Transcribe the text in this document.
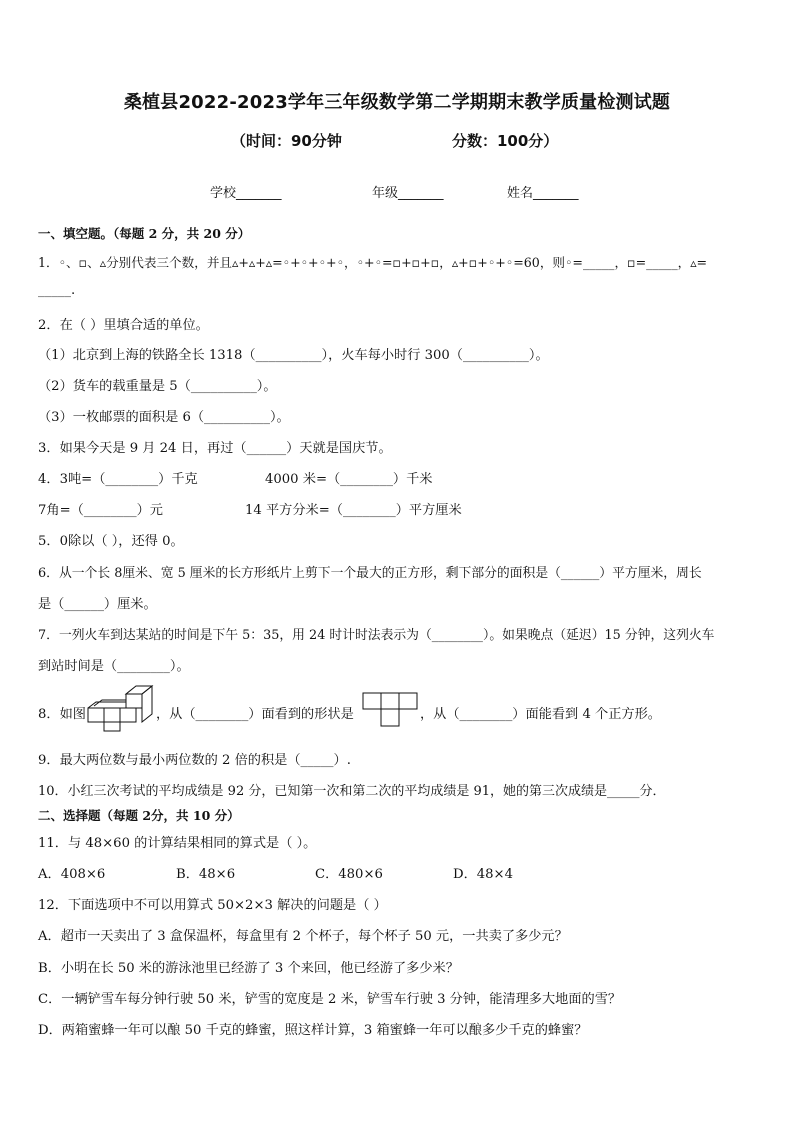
桑植县2022-2023学年三年级数学第二学期期末教学质量检测试题
（时间：90分钟	分数：100分）
学校_______	年级_______	姓名_______
一、填空题。（每题 2 分，共 20 分）
1．◦、▫、▵分别代表三个数，并且▵+▵+▵=◦+◦+◦+◦，◦+◦=▫+▫+▫，▵+▫+◦+◦=60，则◦=_____，▫=_____，▵=
_____.
2．在（ ）里填合适的单位。
（1）北京到上海的铁路全长 1318（__________），火车每小时行 300（__________）。
（2）货车的载重量是 5（__________）。
（3）一枚邮票的面积是 6（__________）。
3．如果今天是 9 月 24 日，再过（______）天就是国庆节。
4．3吨=（________）千克	4000 米=（________）千米
7角=（________）元	14 平方分米=（________）平方厘米
5．0除以（ ），还得 0。
6．从一个长 8厘米、宽 5 厘米的长方形纸片上剪下一个最大的正方形，剩下部分的面积是（______）平方厘米，周长
是（______）厘米。
7．一列火车到达某站的时间是下午 5：35，用 24 时计时法表示为（________）。如果晚点（延迟）15 分钟，这列火车
到站时间是（________）。
8．如图	，从（________）面看到的形状是	，从（________）面能看到 4 个正方形。
9．最大两位数与最小两位数的 2 倍的积是（_____）.
10．小红三次考试的平均成绩是 92 分，已知第一次和第二次的平均成绩是 91，她的第三次成绩是_____分．
二、选择题（每题 2分，共 10 分）
11．与 48×60 的计算结果相同的算式是（ ）。
A．408×6	B．48×6	C．480×6	D．48×4
12．下面选项中不可以用算式 50×2×3 解决的问题是（ ）
A．超市一天卖出了 3 盒保温杯，每盒里有 2 个杯子，每个杯子 50 元，一共卖了多少元？
B．小明在长 50 米的游泳池里已经游了 3 个来回，他已经游了多少米？
C．一辆铲雪车每分钟行驶 50 米，铲雪的宽度是 2 米，铲雪车行驶 3 分钟，能清理多大地面的雪？
D．两箱蜜蜂一年可以酿 50 千克的蜂蜜，照这样计算，3 箱蜜蜂一年可以酿多少千克的蜂蜜？
